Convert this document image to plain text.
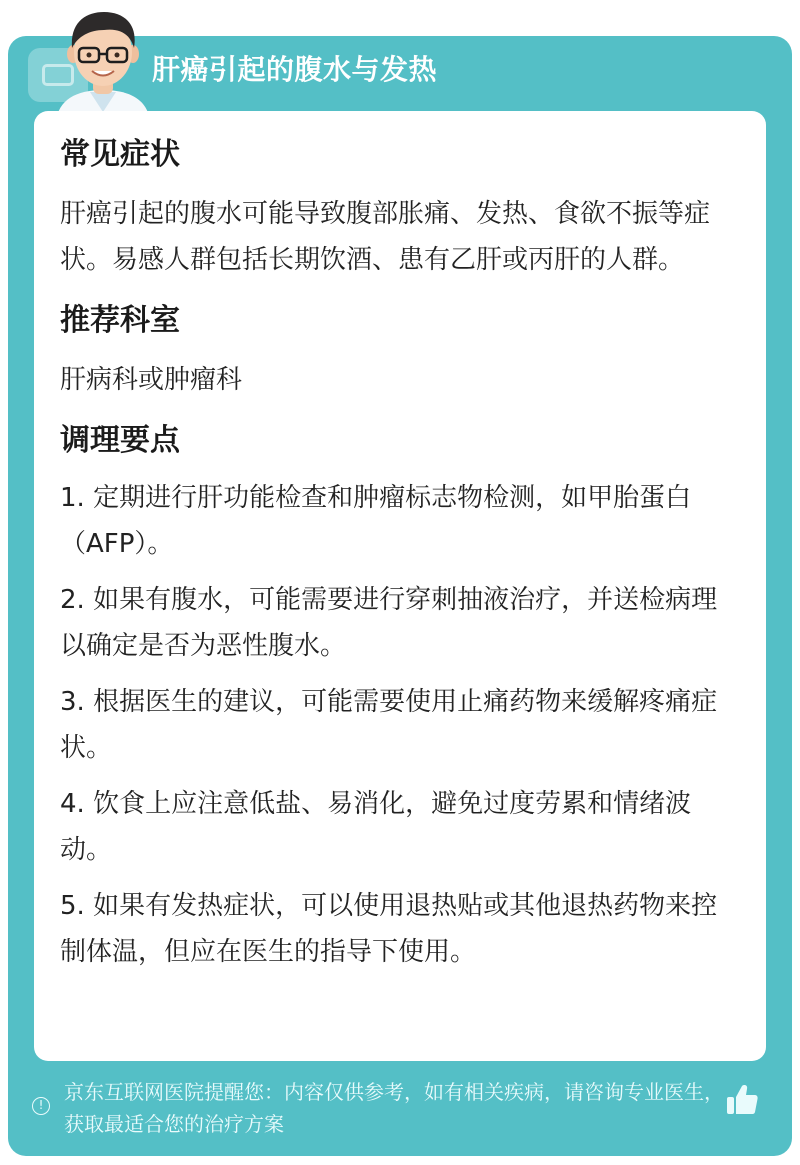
肝癌引起的腹水与发热
常见症状

肝癌引起的腹水可能导致腹部胀痛、发热、食欲不振等症状。易感人群包括长期饮酒、患有乙肝或丙肝的人群。

推荐科室

肝病科或肿瘤科

调理要点

1. 定期进行肝功能检查和肿瘤标志物检测，如甲胎蛋白（AFP）。

2. 如果有腹水，可能需要进行穿刺抽液治疗，并送检病理以确定是否为恶性腹水。

3. 根据医生的建议，可能需要使用止痛药物来缓解疼痛症状。

4. 饮食上应注意低盐、易消化，避免过度劳累和情绪波动。

5. 如果有发热症状，可以使用退热贴或其他退热药物来控制体温，但应在医生的指导下使用。

!
京东互联网医院提醒您：内容仅供参考，如有相关疾病，请咨询专业医生，获取最适合您的治疗方案
